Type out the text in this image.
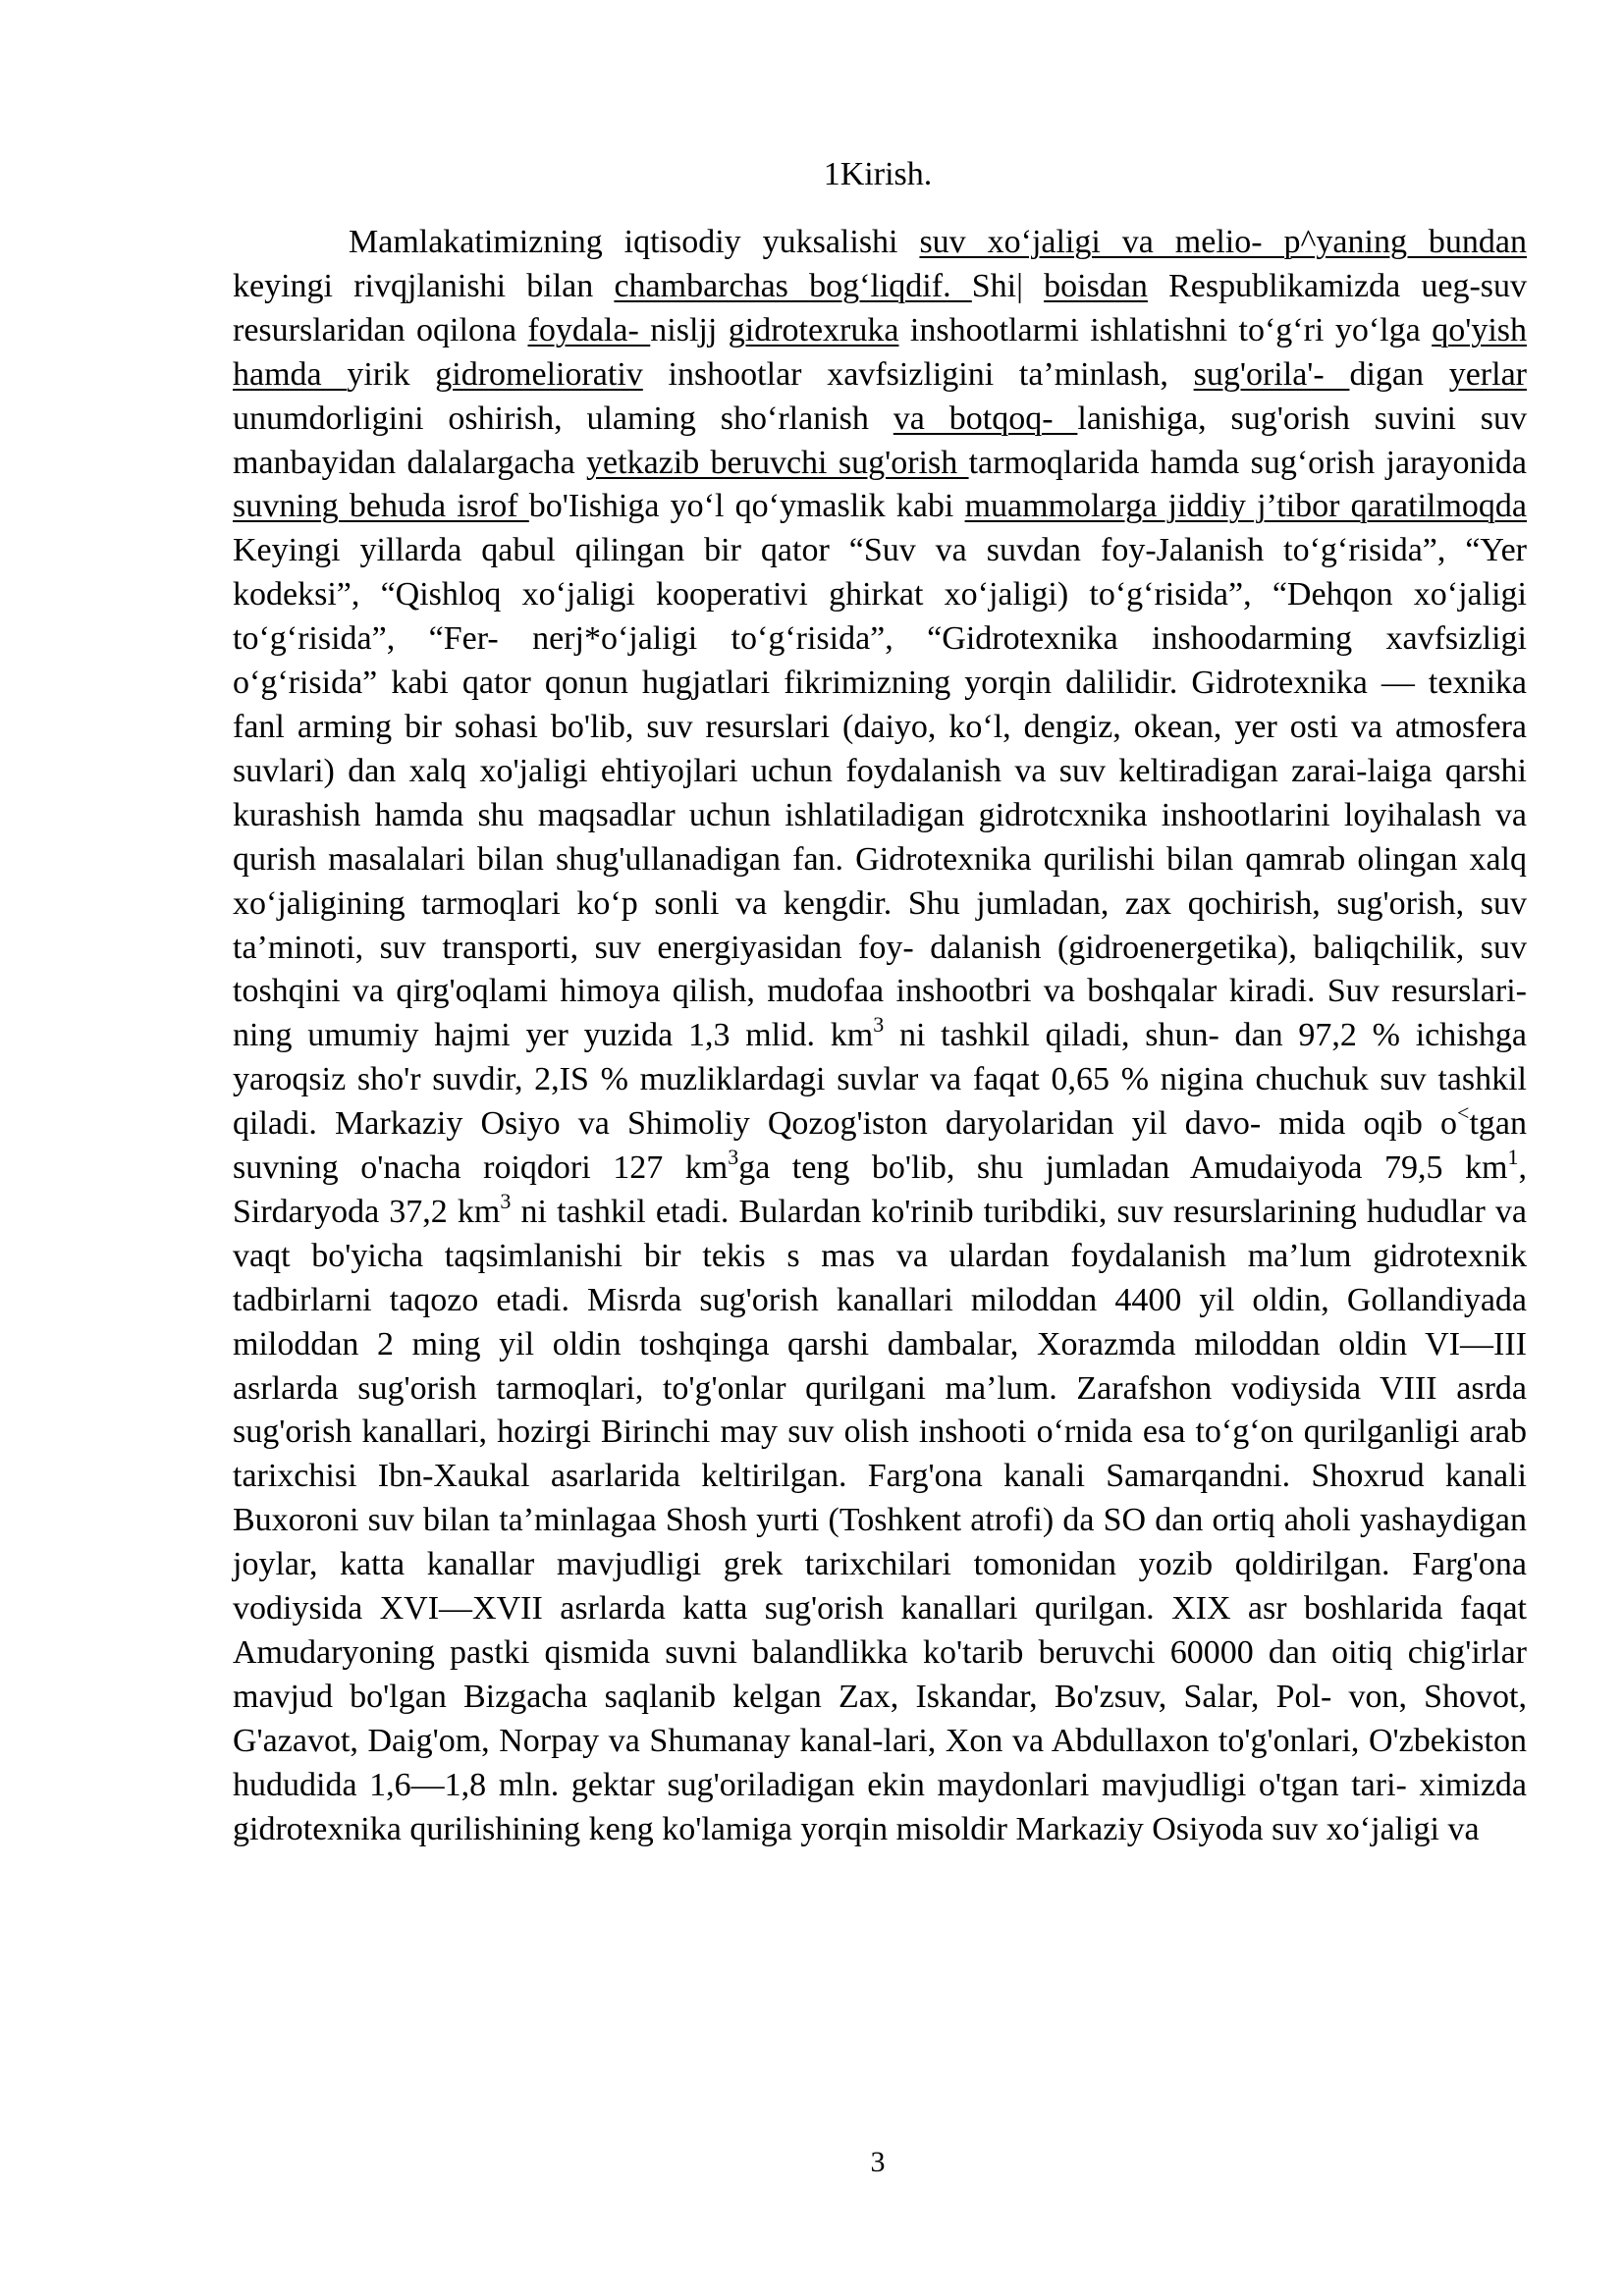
1Kirish.

Mamlakatimizning iqtisodiy yuksalishi suv xo‘jaligi va melio- p^yaning bundan keyingi rivqjlanishi bilan chambarchas bog‘liqdif. Shi| boisdan Respublikamizda ueg-suv resurslaridan oqilona foydala- nisljj gidrotexruka inshootlarmi ishlatishni to‘g‘ri yo‘lga qo'yish hamda yirik gidromeliorativ inshootlar xavfsizligini ta’minlash, sug'orila'- digan yerlar unumdorligini oshirish, ulaming sho‘rlanish va botqoq- lanishiga, sug'orish suvini suv manbayidan dalalargacha yetkazib beruvchi sug'orish tarmoqlarida hamda sug‘orish jarayonida suvning behuda isrof bo'Iishiga yo‘l qo‘ymaslik kabi muammolarga jiddiy j’tibor qaratilmoqda Keyingi yillarda qabul qilingan bir qator “Suv va suvdan foy-Jalanish to‘g‘risida”, “Yer kodeksi”, “Qishloq xo‘jaligi kooperativi ghirkat xo‘jaligi) to‘g‘risida”, “Dehqon xo‘jaligi to‘g‘risida”, “Fer- nerj*o‘jaligi to‘g‘risida”, “Gidrotexnika inshoodarming xavfsizligi o‘g‘risida” kabi qator qonun hugjatlari fikrimizning yorqin dalilidir. Gidrotexnika — texnika fanl arming bir sohasi bo'lib, suv resurslari (daiyo, ko‘l, dengiz, okean, yer osti va atmosfera suvlari) dan xalq xo'jaligi ehtiyojlari uchun foydalanish va suv keltiradigan zarai-laiga qarshi kurashish hamda shu maqsadlar uchun ishlatiladigan gidrotcxnika inshootlarini loyihalash va qurish masalalari bilan shug'ullanadigan fan. Gidrotexnika qurilishi bilan qamrab olingan xalq xo‘jaligining tarmoqlari ko‘p sonli va kengdir. Shu jumladan, zax qochirish, sug'orish, suv ta’minoti, suv transporti, suv energiyasidan foy- dalanish (gidroenergetika), baliqchilik, suv toshqini va qirg'oqlami himoya qilish, mudofaa inshootbri va boshqalar kiradi. Suv resurslari- ning umumiy hajmi yer yuzida 1,3 mlid. $km^3$ ni tashkil qiladi, shun- dan 97,2 % ichishga yaroqsiz sho'r suvdir, 2,IS % muzliklardagi suvlar va faqat 0,65 % nigina chuchuk suv tashkil qiladi. Markaziy Osiyo va Shimoliy Qozog'iston daryolaridan yil davo- mida oqib o<tgan suvning o'nacha roiqdori 127 $km^3ga$ teng bo'lib, shu jumladan Amudaiyoda 79,5 $km^1$, Sirdaryoda 37,2 $km^3$ ni tashkil etadi. Bulardan ko'rinib turibdiki, suv resurslarining hududlar va vaqt bo'yicha taqsimlanishi bir tekis s mas va ulardan foydalanish ma’lum gidrotexnik tadbirlarni taqozo etadi. Misrda sug'orish kanallari miloddan 4400 yil oldin, Gollandiyada miloddan 2 ming yil oldin toshqinga qarshi dambalar, Xorazmda miloddan oldin VI—III asrlarda sug'orish tarmoqlari, to'g'onlar qurilgani ma’lum. Zarafshon vodiysida VIII asrda sug'orish kanallari, hozirgi Birinchi may suv olish inshooti o‘rnida esa to‘g‘on qurilganligi arab tarixchisi Ibn-Xaukal asarlarida keltirilgan. Farg'ona kanali Samarqandni. Shoxrud kanali Buxoroni suv bilan ta’minlagaa Shosh yurti (Toshkent atrofi) da SO dan ortiq aholi yashaydigan joylar, katta kanallar mavjudligi grek tarixchilari tomonidan yozib qoldirilgan. Farg'ona vodiysida XVI—XVII asrlarda katta sug'orish kanallari qurilgan. XIX asr boshlarida faqat Amudaryoning pastki qismida suvni balandlikka ko'tarib beruvchi 60000 dan oitiq chig'irlar mavjud bo'lgan Bizgacha saqlanib kelgan Zax, Iskandar, Bo'zsuv, Salar, Pol- von, Shovot, G'azavot, Daig'om, Norpay va Shumanay kanal-lari, Xon va Abdullaxon to'g'onlari, O'zbekiston hududida 1,6—1,8 mln. gektar sug'oriladigan ekin maydonlari mavjudligi o'tgan tari- ximizda gidrotexnika qurilishining keng ko'lamiga yorqin misoldir Markaziy Osiyoda suv xo‘jaligi va

3
